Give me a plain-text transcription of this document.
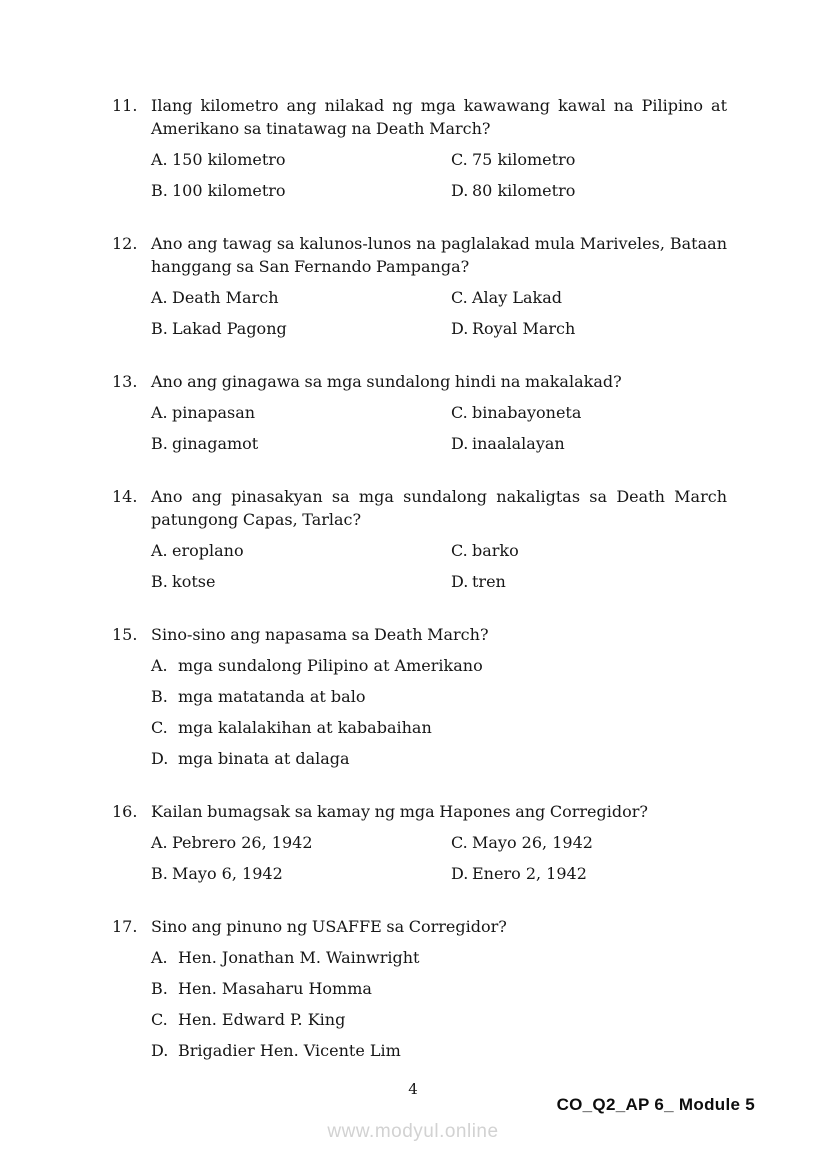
11. Ilang kilometro ang nilakad ng mga kawawang kawal na Pilipino at Amerikano sa tinatawag na Death March?
A. 150 kilometro
B. 100 kilometro
C. 75 kilometro
D. 80 kilometro
12. Ano ang tawag sa kalunos-lunos na paglalakad mula Mariveles, Bataan hanggang sa San Fernando Pampanga?
A. Death March
B. Lakad Pagong
C. Alay Lakad
D. Royal March
13. Ano ang ginagawa sa mga sundalong hindi na makalakad?
A. pinapasan
B. ginagamot
C. binabayoneta
D. inaalalayan
14. Ano ang pinasakyan sa mga sundalong nakaligtas sa Death March patungong Capas, Tarlac?
A. eroplano
B. kotse
C. barko
D. tren
15. Sino-sino ang napasama sa Death March?
A. mga sundalong Pilipino at Amerikano
B. mga matatanda at balo
C. mga kalalakihan at kababaihan
D. mga binata at dalaga
16. Kailan bumagsak sa kamay ng mga Hapones ang Corregidor?
A. Pebrero 26, 1942
B. Mayo 6, 1942
C. Mayo 26, 1942
D. Enero 2, 1942
17. Sino ang pinuno ng USAFFE sa Corregidor?
A. Hen. Jonathan M. Wainwright
B. Hen. Masaharu Homma
C. Hen. Edward P. King
D. Brigadier Hen. Vicente Lim
4
CO_Q2_AP 6_ Module 5
www.modyul.online
